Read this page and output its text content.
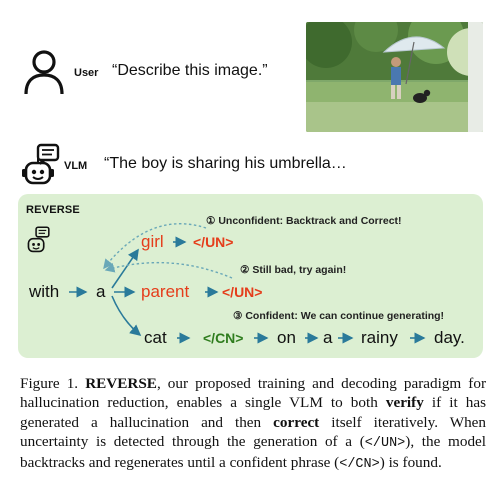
User “Describe this image.”
VLM “The boy is sharing his umbrella…
REVERSE
with a
girl </UN>
parent </UN>
cat	</CN> on a rainy day.
① Unconfident: Backtrack and Correct!
② Still bad, try again!
③ Confident: We can continue generating!
Figure 1. REVERSE, our proposed training and decoding paradigm for hallucination reduction, enables a single VLM to both verify if it has generated a hallucination and then correct itself iteratively. When uncertainty is detected through the generation of a (</UN>), the model backtracks and regenerates until a confident phrase (</CN>) is found.
